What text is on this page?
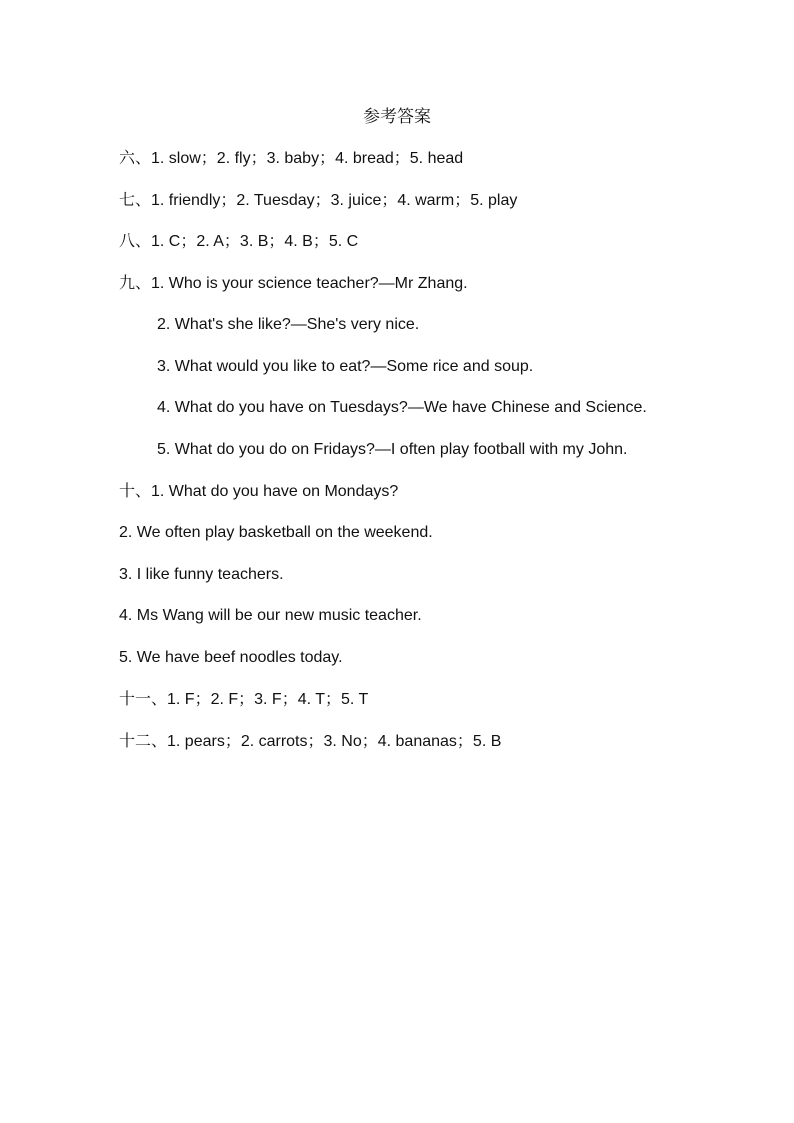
参考答案
六、1. slow；2. fly；3. baby；4. bread；5. head
七、1. friendly；2. Tuesday；3. juice；4. warm；5. play
八、1. C；2. A；3. B；4. B；5. C
九、1. Who is your science teacher?—Mr Zhang.
2. What's she like?—She's very nice.
3. What would you like to eat?—Some rice and soup.
4. What do you have on Tuesdays?—We have Chinese and Science.
5. What do you do on Fridays?—I often play football with my John.
十、1. What do you have on Mondays?
2. We often play basketball on the weekend.
3. I like funny teachers.
4. Ms Wang will be our new music teacher.
5. We have beef noodles today.
十一、1. F；2. F；3. F；4. T；5. T
十二、1. pears；2. carrots；3. No；4. bananas；5. B
